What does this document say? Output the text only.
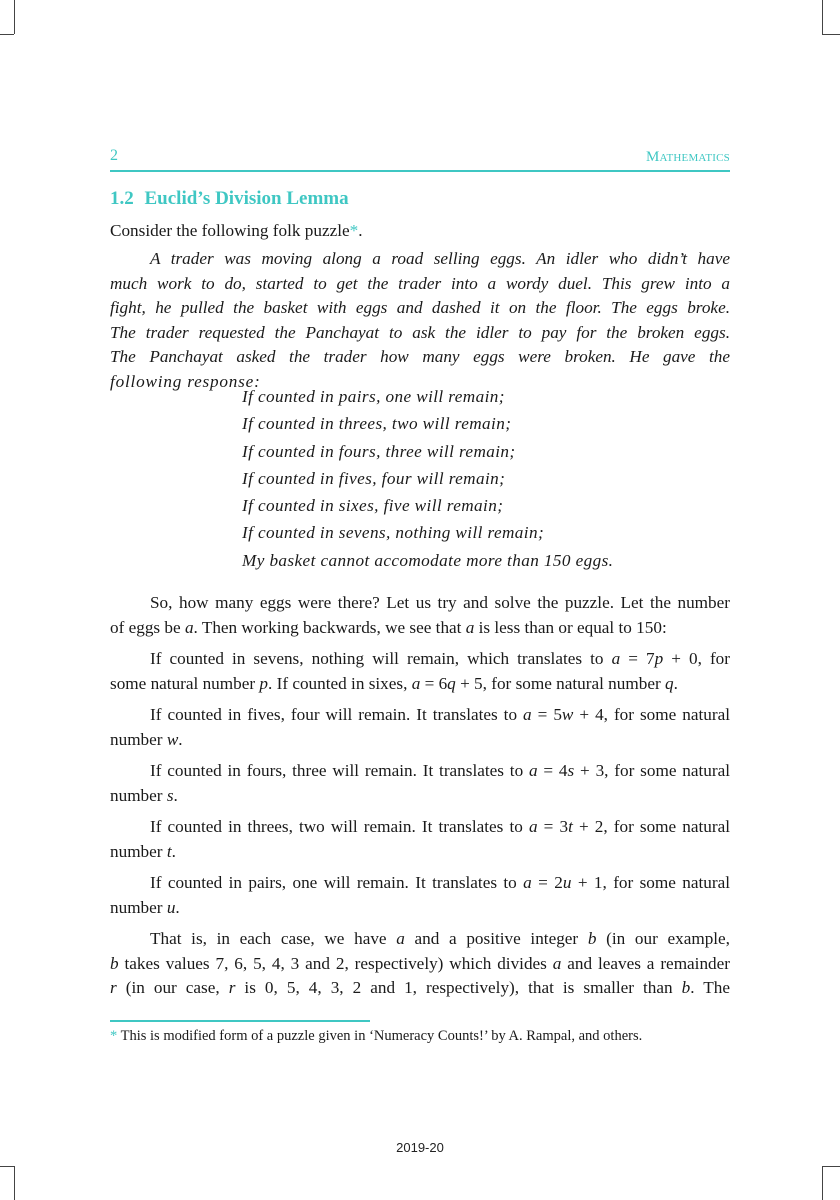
2	Mathematics
1.2 Euclid’s Division Lemma
Consider the following folk puzzle*.
A trader was moving along a road selling eggs. An idler who didn’t have
much work to do, started to get the trader into a wordy duel. This grew into a
fight, he pulled the basket with eggs and dashed it on the floor. The eggs broke.
The trader requested the Panchayat to ask the idler to pay for the broken eggs.
The Panchayat asked the trader how many eggs were broken. He gave the
following response:
If counted in pairs, one will remain;
If counted in threes, two will remain;
If counted in fours, three will remain;
If counted in fives, four will remain;
If counted in sixes, five will remain;
If counted in sevens, nothing will remain;
My basket cannot accomodate more than 150 eggs.
So, how many eggs were there? Let us try and solve the puzzle. Let the number
of eggs be a. Then working backwards, we see that a is less than or equal to 150:
If counted in sevens, nothing will remain, which translates to a = 7p + 0, for
some natural number p. If counted in sixes, a = 6q + 5, for some natural number q.
If counted in fives, four will remain. It translates to a = 5w + 4, for some natural
number w.
If counted in fours, three will remain. It translates to a = 4s + 3, for some natural
number s.
If counted in threes, two will remain. It translates to a = 3t + 2, for some natural
number t.
If counted in pairs, one will remain. It translates to a = 2u + 1, for some natural
number u.
That is, in each case, we have a and a positive integer b (in our example,
b takes values 7, 6, 5, 4, 3 and 2, respectively) which divides a and leaves a remainder
r (in our case, r is 0, 5, 4, 3, 2 and 1, respectively), that is smaller than b. The
* This is modified form of a puzzle given in ‘Numeracy Counts!’ by A. Rampal, and others.
2019-20
